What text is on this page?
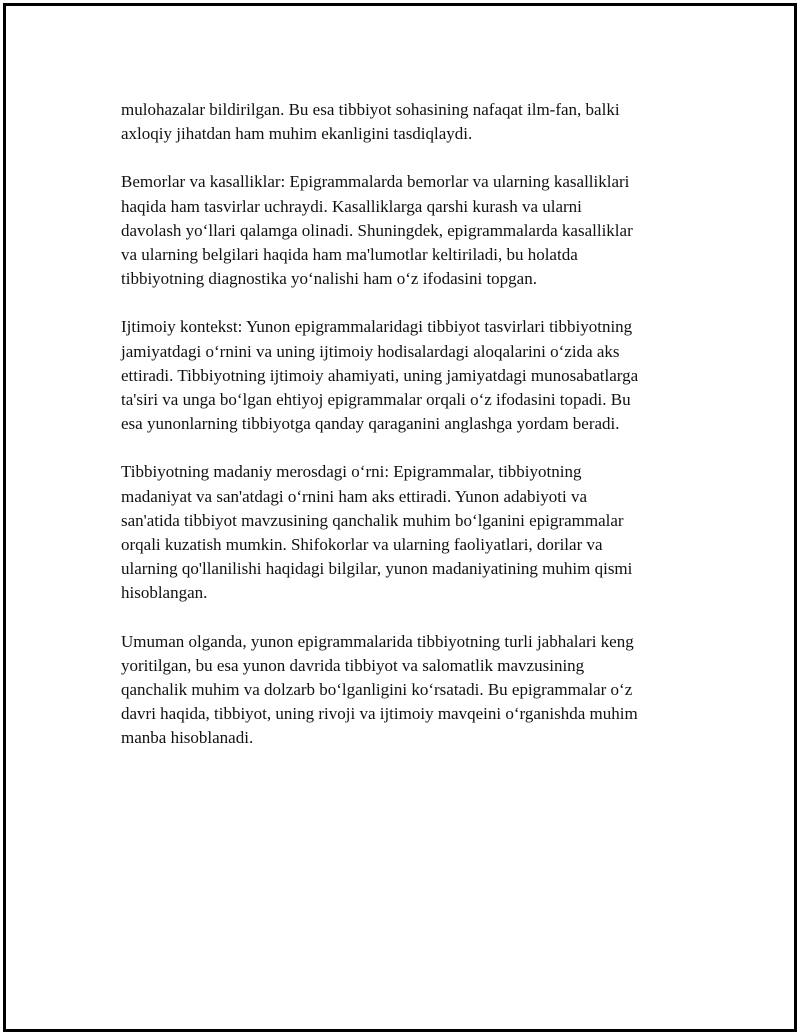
mulohazalar bildirilgan. Bu esa tibbiyot sohasining nafaqat ilm-fan, balki
axloqiy jihatdan ham muhim ekanligini tasdiqlaydi.

Bemorlar va kasalliklar: Epigrammalarda bemorlar va ularning kasalliklari
haqida ham tasvirlar uchraydi. Kasalliklarga qarshi kurash va ularni
davolash yo‘llari qalamga olinadi. Shuningdek, epigrammalarda kasalliklar
va ularning belgilari haqida ham ma'lumotlar keltiriladi, bu holatda
tibbiyotning diagnostika yo‘nalishi ham o‘z ifodasini topgan.

Ijtimoiy kontekst: Yunon epigrammalaridagi tibbiyot tasvirlari tibbiyotning
jamiyatdagi o‘rnini va uning ijtimoiy hodisalardagi aloqalarini o‘zida aks
ettiradi. Tibbiyotning ijtimoiy ahamiyati, uning jamiyatdagi munosabatlarga
ta'siri va unga bo‘lgan ehtiyoj epigrammalar orqali o‘z ifodasini topadi. Bu
esa yunonlarning tibbiyotga qanday qaraganini anglashga yordam beradi.

Tibbiyotning madaniy merosdagi o‘rni: Epigrammalar, tibbiyotning
madaniyat va san'atdagi o‘rnini ham aks ettiradi. Yunon adabiyoti va
san'atida tibbiyot mavzusining qanchalik muhim bo‘lganini epigrammalar
orqali kuzatish mumkin. Shifokorlar va ularning faoliyatlari, dorilar va
ularning qo'llanilishi haqidagi bilgilar, yunon madaniyatining muhim qismi
hisoblangan.

Umuman olganda, yunon epigrammalarida tibbiyotning turli jabhalari keng
yoritilgan, bu esa yunon davrida tibbiyot va salomatlik mavzusining
qanchalik muhim va dolzarb bo‘lganligini ko‘rsatadi. Bu epigrammalar o‘z
davri haqida, tibbiyot, uning rivoji va ijtimoiy mavqeini o‘rganishda muhim
manba hisoblanadi.
